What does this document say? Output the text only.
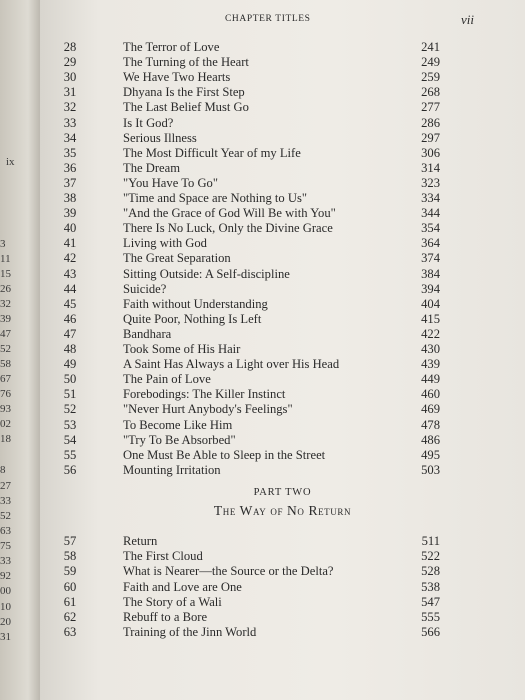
ix
3
11
15
26
32
39
47
52
58
67
76
93
02
18
8
27
33
52
63
75
33
92
00
10
20
31
CHAPTER TITLES	vii
28	The Terror of Love	241
29	The Turning of the Heart	249
30	We Have Two Hearts	259
31	Dhyana Is the First Step	268
32	The Last Belief Must Go	277
33	Is It God?	286
34	Serious Illness	297
35	The Most Difficult Year of my Life	306
36	The Dream	314
37	"You Have To Go"	323
38	"Time and Space are Nothing to Us"	334
39	"And the Grace of God Will Be with You"	344
40	There Is No Luck, Only the Divine Grace	354
41	Living with God	364
42	The Great Separation	374
43	Sitting Outside: A Self-discipline	384
44	Suicide?	394
45	Faith without Understanding	404
46	Quite Poor, Nothing Is Left	415
47	Bandhara	422
48	Took Some of His Hair	430
49	A Saint Has Always a Light over His Head	439
50	The Pain of Love	449
51	Forebodings: The Killer Instinct	460
52	"Never Hurt Anybody's Feelings"	469
53	To Become Like Him	478
54	"Try To Be Absorbed"	486
55	One Must Be Able to Sleep in the Street	495
56	Mounting Irritation	503
PART TWO
The Way of No Return
57	Return	511
58	The First Cloud	522
59	What is Nearer—the Source or the Delta?	528
60	Faith and Love are One	538
61	The Story of a Wali	547
62	Rebuff to a Bore	555
63	Training of the Jinn World	566
